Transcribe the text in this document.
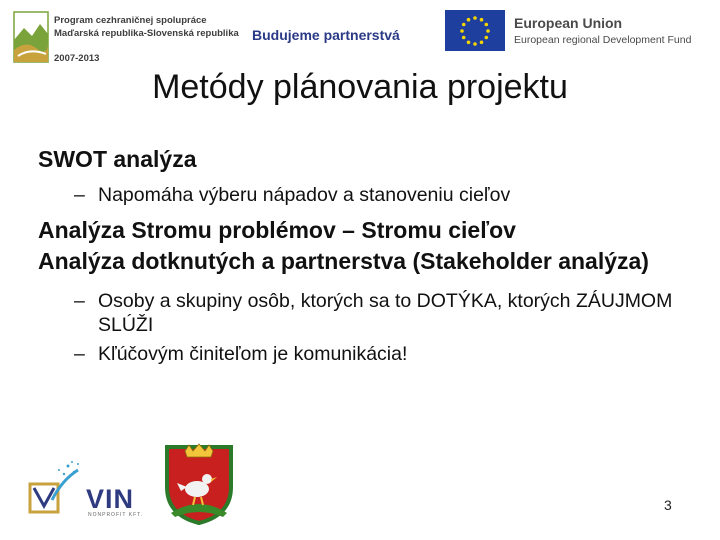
Program cezhraničnej spolupráce
Maďarská republika-Slovenská republika
2007-2013
Budujeme partnerstvá
European Union
European regional Development Fund
Metódy plánovania projektu
SWOT analýza
– Napomáha výberu nápadov a stanoveniu cieľov
Analýza Stromu problémov – Stromu cieľov
Analýza dotknutých a partnerstva (Stakeholder analýza)
– Osoby a skupiny osôb, ktorých sa to DOTÝKA, ktorých ZÁUJMOM SLÚŽI
– Kľúčovým činiteľom je komunikácia!
VIN
NONPROFIT KFT.
3
